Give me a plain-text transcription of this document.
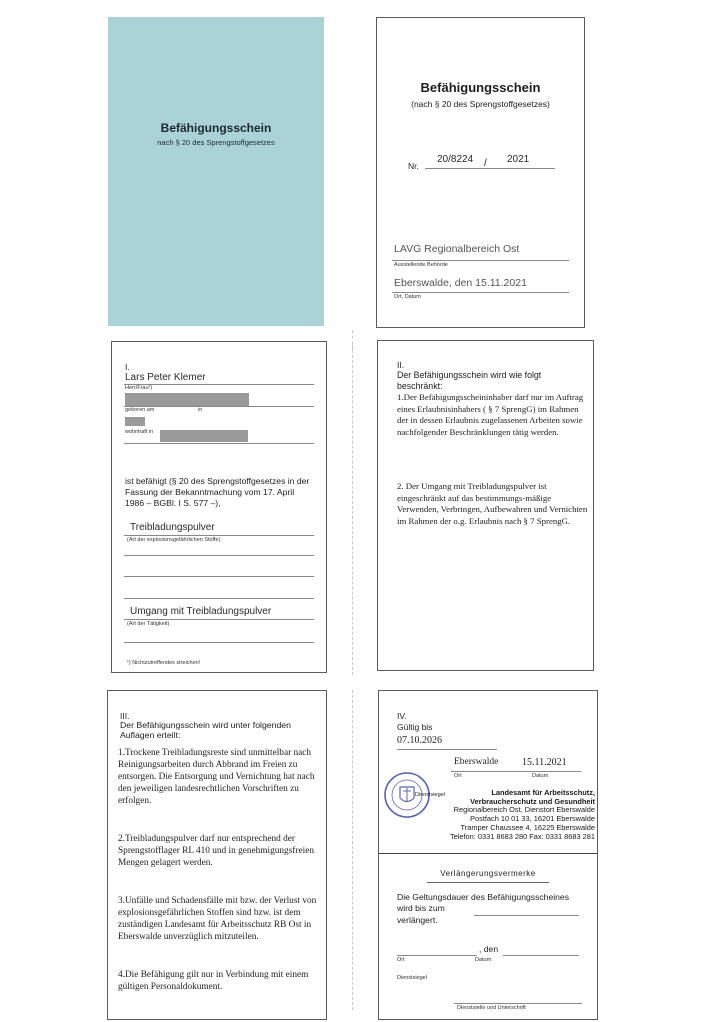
Befähigungsschein
nach § 20 des Sprengstoffgesetzes
Befähigungsschein
(nach § 20 des Sprengstoffgesetzes)
Nr.
20/8224 / 2021
LAVG Regionalbereich Ost
Ausstellende Behörde
Eberswalde, den 15.11.2021
Ort, Datum
I.
Lars Peter Klemer
Herr/Frau¹)
geboren am	in
wohnhaft in
ist befähigt (§ 20 des Sprengstoffgesetzes in der Fassung der Bekanntmachung vom 17. April 1986 – BGBl. I S. 577 –),
Treibladungspulver
(Art der explosionsgefährlichen Stoffe)
Umgang mit Treibladungspulver
(Art der Tätigkeit)
¹) Nichtzutreffendes streichen!
II.
Der Befähigungsschein wird wie folgt beschränkt:
1.Der Befähigungsscheininhaber darf nur im Auftrag eines Erlaubnisinhabers ( § 7 SprengG) im Rahmen der in dessen Erlaubnis zugelassenen Arbeiten sowie nachfolgender Beschränklungen tätig werden.
2. Der Umgang mit Treibladungspulver ist eingeschränkt auf das bestimmungs-mäßige Verwenden, Verbringen, Aufbewahren und Vernichten im Rahmen der o.g. Erlaubnis nach § 7 SprengG.
III.
Der Befähigungsschein wird unter folgenden Auflagen erteilt:
1.Trockene Treibladungsreste sind unmittelbar nach Reinigungsarbeiten durch Abbrand im Freien zu entsorgen. Die Entsorgung und Vernichtung hat nach den jeweiligen landesrechtlichen Vorschriften zu erfolgen.
2.Treibladungspulver darf nur entsprechend der Sprengstofflager RL 410 und in genehmigungsfreien Mengen gelagert werden.
3.Unfälle und Schadensfälle mit bzw. der Verlust von explosionsgefährlichen Stoffen sind bzw. ist dem zuständigen Landesamt für Arbeitsschutz RB Ost in Eberswalde unverzüglich mitzuteilen.
4.Die Befähigung gilt nur in Verbindung mit einem gültigen Personaldokument.
IV.
Gültig bis
07.10.2026
Eberswalde 15.11.2021
Ort	Datum
Dienstsiegel	Landesamt für Arbeitsschutz,
Verbraucherschutz und Gesundheit
Regionalbereich Ost, Dienstort Eberswalde
Postfach 10 01 33, 16201 Eberswalde
Tramper Chaussee 4, 16225 Eberswalde
Telefon: 0331 8683 280 Fax: 0331 8683 281
Verlängerungsvermerke
Die Geltungsdauer des Befähigungsscheines wird bis zum
verlängert.
, den
Ort	Datum
Dienstsiegel
Dienststelle und Unterschrift
